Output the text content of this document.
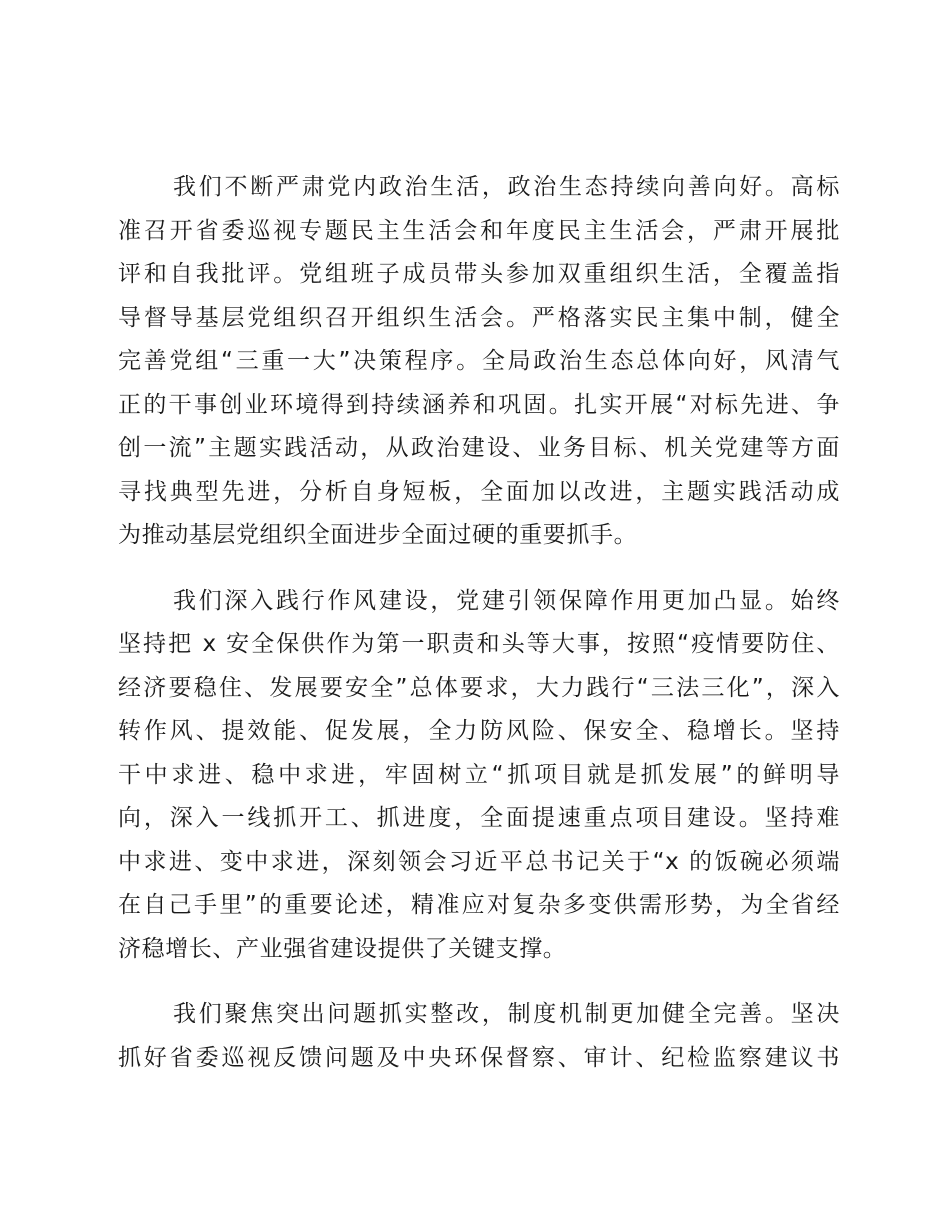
我们不断严肃党内政治生活，政治生态持续向善向好。高标
准召开省委巡视专题民主生活会和年度民主生活会，严肃开展批
评和自我批评。党组班子成员带头参加双重组织生活，全覆盖指
导督导基层党组织召开组织生活会。严格落实民主集中制，健全
完善党组“三重一大”决策程序。全局政治生态总体向好，风清气
正的干事创业环境得到持续涵养和巩固。扎实开展“对标先进、争
创一流”主题实践活动，从政治建设、业务目标、机关党建等方面
寻找典型先进，分析自身短板，全面加以改进，主题实践活动成
为推动基层党组织全面进步全面过硬的重要抓手。

我们深入践行作风建设，党建引领保障作用更加凸显。始终
坚持把 x 安全保供作为第一职责和头等大事，按照“疫情要防住、
经济要稳住、发展要安全”总体要求，大力践行“三法三化”，深入
转作风、提效能、促发展，全力防风险、保安全、稳增长。坚持
干中求进、稳中求进，牢固树立“抓项目就是抓发展”的鲜明导
向，深入一线抓开工、抓进度，全面提速重点项目建设。坚持难
中求进、变中求进，深刻领会习近平总书记关于“x 的饭碗必须端
在自己手里”的重要论述，精准应对复杂多变供需形势，为全省经
济稳增长、产业强省建设提供了关键支撑。

我们聚焦突出问题抓实整改，制度机制更加健全完善。坚决
抓好省委巡视反馈问题及中央环保督察、审计、纪检监察建议书
